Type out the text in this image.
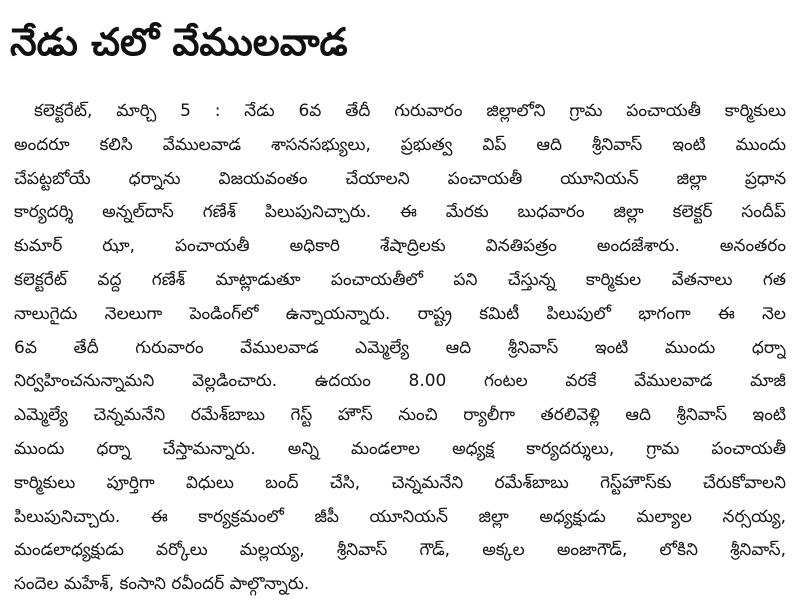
నేడు చలో వేములవాడ
కలెక్టరేట్, మార్చి 5 : నేడు 6వ తేదీ గురువారం జిల్లాలోని గ్రామ పంచాయతీ కార్మికులు
అందరూ కలిసి వేములవాడ శాసనసభ్యులు, ప్రభుత్వ విప్ ఆది శ్రీనివాస్ ఇంటి ముందు
చేపట్టబోయే ధర్నాను విజయవంతం చేయాలని పంచాయతీ యూనియన్ జిల్లా ప్రధాన
కార్యదర్శి అన్నల్‌దాస్ గణేశ్ పిలుపునిచ్చారు. ఈ మేరకు బుధవారం జిల్లా కలెక్టర్ సందీప్
కుమార్ ఝా, పంచాయతీ అధికారి శేషాద్రిలకు వినతిపత్రం అందజేశారు. అనంతరం
కలెక్టరేట్ వద్ద గణేశ్ మాట్లాడుతూ పంచాయతీలో పని చేస్తున్న కార్మికుల వేతనాలు గత
నాలుగైదు నెలలుగా పెండింగ్‌లో ఉన్నాయన్నారు. రాష్ట్ర కమిటీ పిలుపులో భాగంగా ఈ నెల
6వ తేదీ గురువారం వేములవాడ ఎమ్మెల్యే ఆది శ్రీనివాస్ ఇంటి ముందు ధర్నా
నిర్వహించనున్నామని వెల్లడించారు. ఉదయం 8.00 గంటల వరకే వేములవాడ మాజీ
ఎమ్మెల్యే చెన్నమనేని రమేశ్‌బాబు గెస్ట్ హౌస్ నుంచి ర్యాలీగా తరలివెళ్లి ఆది శ్రీనివాస్ ఇంటి
ముందు ధర్నా చేస్తామన్నారు. అన్ని మండలాల అధ్యక్ష కార్యదర్శులు, గ్రామ పంచాయతీ
కార్మికులు పూర్తిగా విధులు బంద్ చేసి, చెన్నమనేని రమేశ్‌బాబు గెస్ట్‌హౌస్‌కు చేరుకోవాలని
పిలుపునిచ్చారు. ఈ కార్యక్రమంలో జీపీ యూనియన్ జిల్లా అధ్యక్షుడు మల్యాల నర్సయ్య,
మండలాధ్యక్షుడు వర్కోలు మల్లయ్య, శ్రీనివాస్ గౌడ్, అక్కల అంజాగౌడ్, లోకిని శ్రీనివాస్,
సందెల మహేశ్, కంసాని రవీందర్ పాల్గొన్నారు.
